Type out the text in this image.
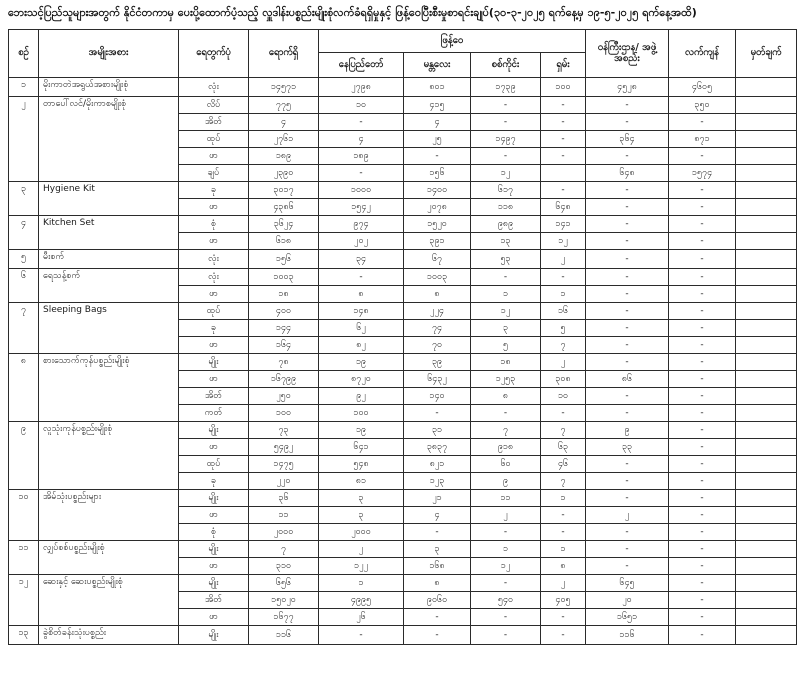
ဘေးသင့်ပြည်သူများအတွက် နိုင်ငံတကာမှ ပေးပို့ထောက်ပံ့သည့် လှူဒါန်းပစ္စည်းမျိုးစုံလက်ခံရရှိမှုနှင့် ဖြန့်ဝေပြီးစီးမှုစာရင်းချုပ်(၃၀-၃-၂၀၂၅ ရက်နေ့မှ ၁၉-၅-၂၀၂၅ ရက်နေ့အထိ)
စဉ်	အမျိုးအစား	ရေတွက်ပုံ	ရောက်ရှိ	ဖြန့်ဝေ				ဝန်ကြီးဌာန/ အဖွဲ့အစည်း	လက်ကျန်	မှတ်ချက်
				နေပြည်တော်	မန္တလေး	စစ်ကိုင်း	ရှမ်း			
၁	မိုးကာတဲအရွယ်အစားမျိုးစုံ	လုံး	၁၄၅၇၁	၂၇၉၈	၈၀၁	၁၇၃၉	၁၀၀	၄၅၂၈	၄၆၀၅	
၂	တာပေါ်လင်/မိုးကာစမျိုးစုံ	လိပ်	၇၇၅	၁၀	၄၁၅	-	-	-	၃၅၀	
		အိတ်	၄	-	၄	-	-	-	-	
		ထုပ်	၂၇၆၁	၄	၂၅	၁၄၉၇	-	၃၆၄	၈၇၁	
		ဖာ	၁၈၉	၁၈၉	-	-	-	-	-	
		ချပ်	၂၃၉၀	-	၁၅၆	၁၂		၆၄၈	၁၅၇၄	
၃	Hygiene Kit	ခု	၃၀၁၇	၁၀၀၀	၁၄၀၀	၆၁၇	-	-	-	
		ဖာ	၄၃၈၆	၁၅၄၂	၂၀၇၈	၁၁၈	၆၄၈	-	-	
၄	Kitchen Set	စုံ	၃၆၂၄	၉၇၄	၁၅၂၀	၉၈၉	၁၄၁	-	-	
		ဖာ	၆၁၈	၂၀၂	၃၉၁	၁၃	၁၂	-	-	
၅	မီးစက်	လုံး	၁၅၆	၃၄	၆၇	၅၃	၂	-	-	
၆	ရေသန့်စက်	လုံး	၁၀၀၃	-	၁၀၀၃	-	-	-	-	
		ဖာ	၁၈	၈	၈	၁	၁	-	-	
၇	Sleeping Bags	ထုပ်	၄၀၀	၁၄၈	၂၂၄	၁၂	၁၆	-	-	
		ခု	၁၄၄	၆၂	၇၄	၃	၅	-	-	
		ဖာ	၁၆၄	၈၂	၇၀	၅	၇	-	-	
၈	စားသောက်ကုန်ပစ္စည်းမျိုးစုံ	မျိုး	၇၈	၁၉	၃၉	၁၈	၂	-	-	
		ဖာ	၁၆၇၉၉	၈၇၂၀	၆၄၃၂	၁၂၅၃	၃၀၈	၈၆	-	
		အိတ်	၂၅၀	၉၂	၁၄၀	၈	၁၀	-	-	
		ကတ်	၁၀၀	၁၀၀	-	-	-	-	-	
၉	လူသုံးကုန်ပစ္စည်းမျိုးစုံ	မျိုး	၇၃	၁၉	၃၁	၇	၇	၉	-	
		ဖာ	၅၄၉၂	၆၄၁	၃၈၃၇	၉၁၈	၆၃	၃၃	-	
		ထုပ်	၁၄၇၅	၅၄၈	၈၂၁	၆၀	၄၆	-	-	
		ခု	၂၂၀	၈၁	၁၂၃	၉	၇	-	-	
၁၀	အိမ်သုံးပစ္စည်းများ	မျိုး	၃၆	၃	၂၁	၁၁	၁	-	-	
		ဖာ	၁၁	၃	၄	၂	-	၂	-	
		စုံ	၂၀၀၀	၂၀၀၀	-	-	-	-	-	
၁၁	လျှပ်စစ်ပစ္စည်းမျိုးစုံ	မျိုး	၇	၂	၃	၁	၁	-	-	
		ဖာ	၃၁၀	၁၂၂	၁၆၈	၁၂	၈	-	-	
၁၂	ဆေးနှင့် ဆေးပစ္စည်းမျိုးစုံ	မျိုး	၆၅၆	၁	၈	-	၂	၆၄၅	-	
		အိတ်	၁၅၀၂၀	၄၉၉၅	၉၀၆၀	၅၄၀	၄၀၅	၂၀	-	
		ဖာ	၁၆၇၇	၂၆	-	-	-	၁၆၅၁	-	
၁၃	ခွဲစိတ်ခန်းသုံးပစ္စည်း	မျိုး	၁၁၆	-	-	-	-	၁၁၆	-	
